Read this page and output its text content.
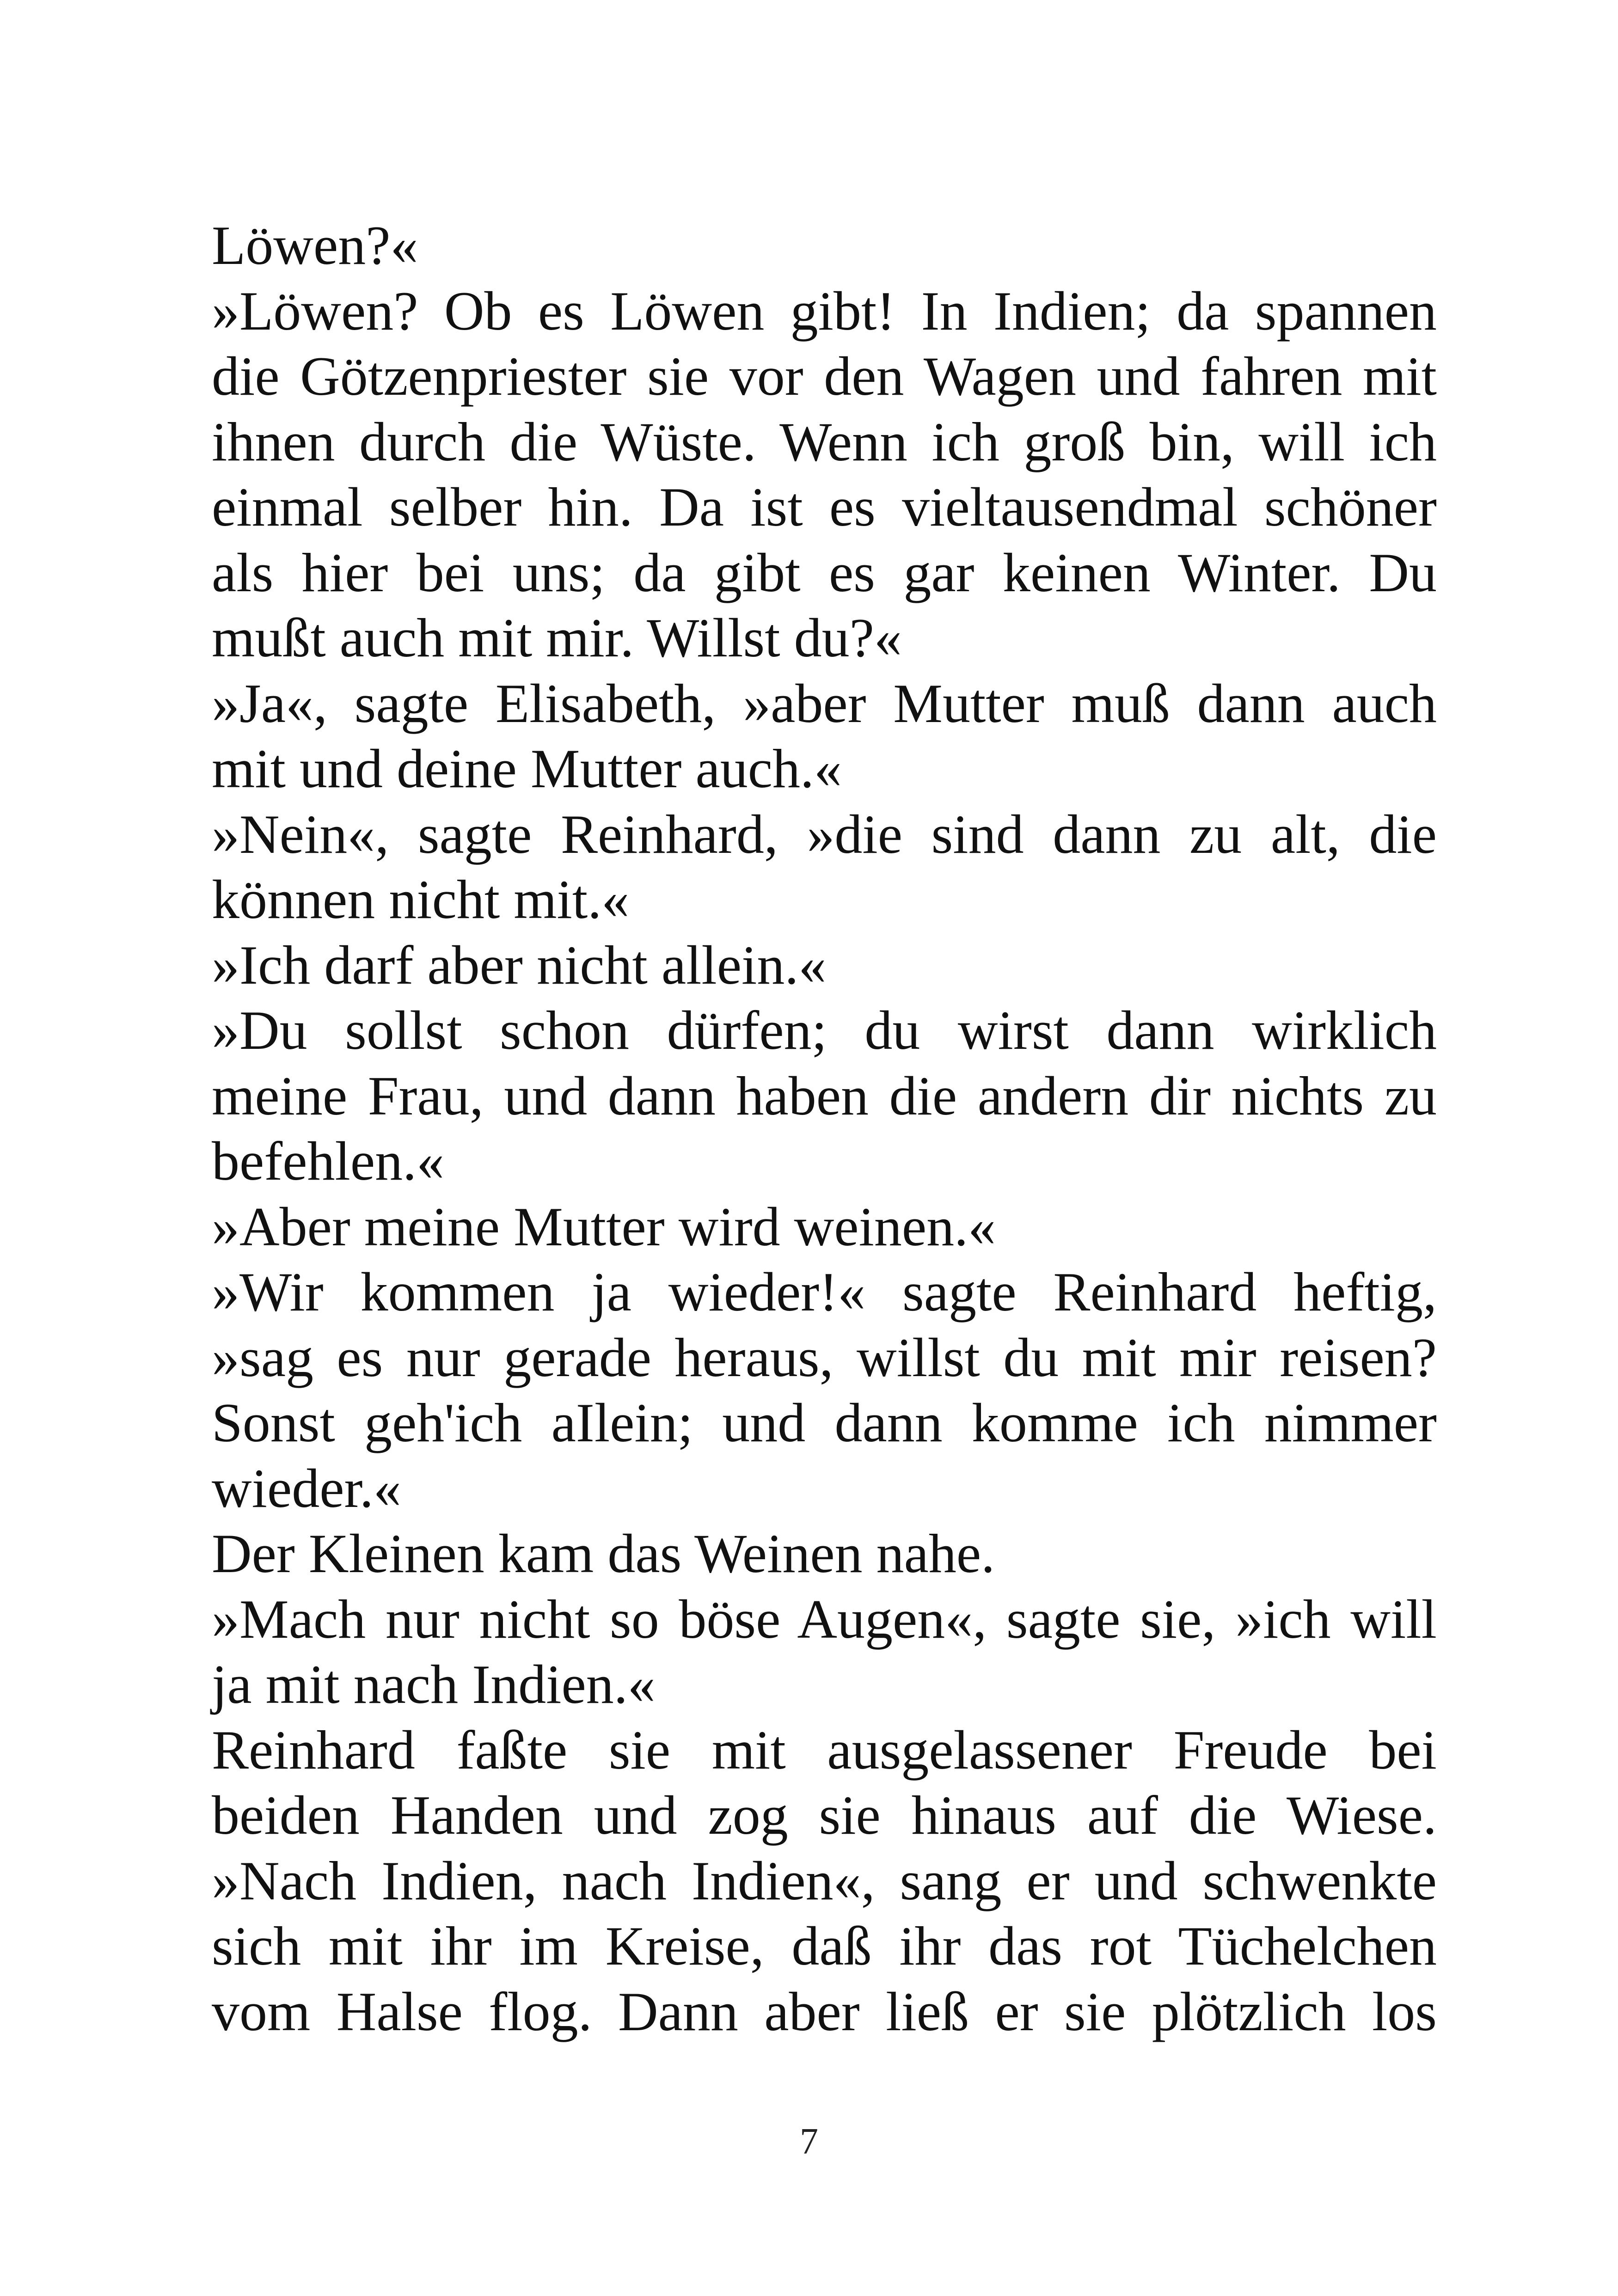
Löwen?«
»Löwen? Ob es Löwen gibt! In Indien; da spannen
die Götzenpriester sie vor den Wagen und fahren mit
ihnen durch die Wüste. Wenn ich groß bin, will ich
einmal selber hin. Da ist es vieltausendmal schöner
als hier bei uns; da gibt es gar keinen Winter. Du
mußt auch mit mir. Willst du?«
»Ja«, sagte Elisabeth, »aber Mutter muß dann auch
mit und deine Mutter auch.«
»Nein«, sagte Reinhard, »die sind dann zu alt, die
können nicht mit.«
»Ich darf aber nicht allein.«
»Du sollst schon dürfen; du wirst dann wirklich
meine Frau, und dann haben die andern dir nichts zu
befehlen.«
»Aber meine Mutter wird weinen.«
»Wir kommen ja wieder!« sagte Reinhard heftig,
»sag es nur gerade heraus, willst du mit mir reisen?
Sonst geh'ich aIlein; und dann komme ich nimmer
wieder.«
Der Kleinen kam das Weinen nahe.
»Mach nur nicht so böse Augen«, sagte sie, »ich will
ja mit nach Indien.«
Reinhard faßte sie mit ausgelassener Freude bei
beiden Handen und zog sie hinaus auf die Wiese.
»Nach Indien, nach Indien«, sang er und schwenkte
sich mit ihr im Kreise, daß ihr das rot Tüchelchen
vom Halse flog. Dann aber ließ er sie plötzlich los
7
